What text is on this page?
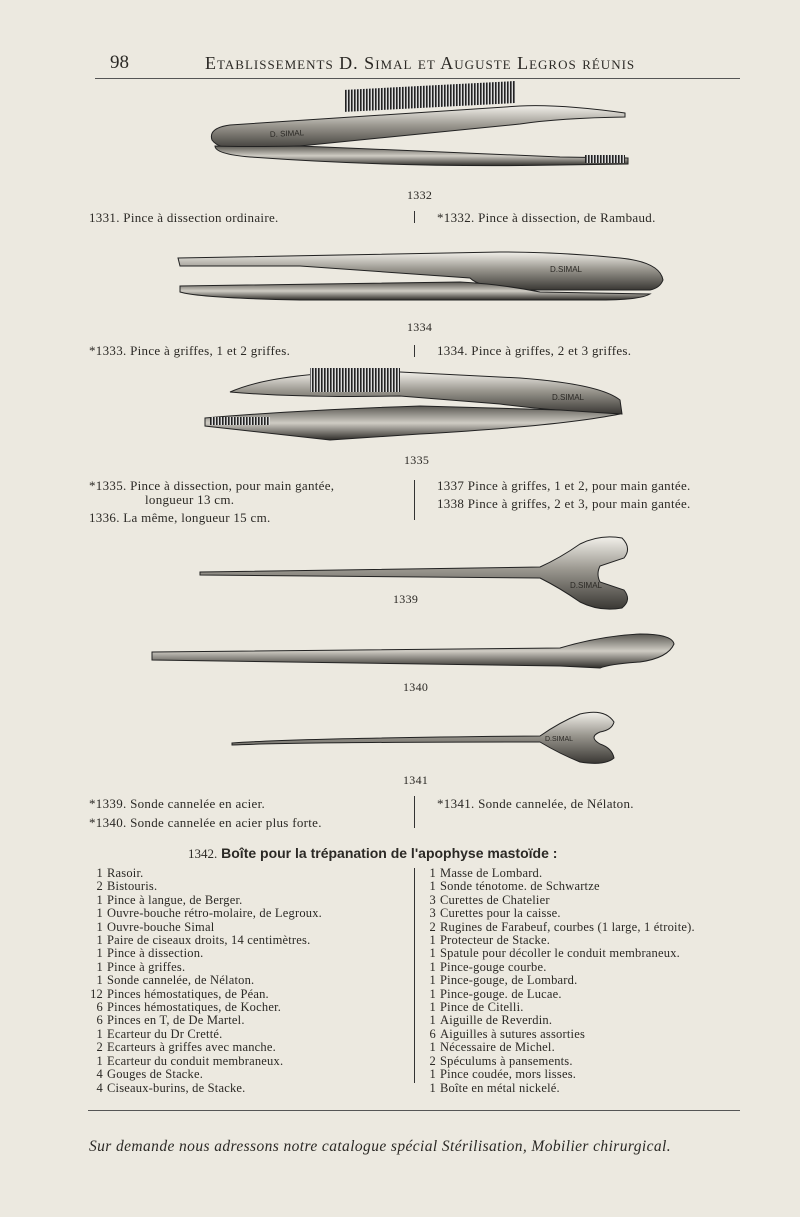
98	Etablissements D. Simal et Auguste Legros réunis
D. SIMAL
D.SIMAL
D.SIMAL
D.SIMAL
D.SIMAL
1332
1331. Pince à dissection ordinaire.	*1332. Pince à dissection, de Rambaud.
1334
*1333. Pince à griffes, 1 et 2 griffes.	1334. Pince à griffes, 2 et 3 griffes.
1335
*1335. Pince à dissection, pour main gantée,
longueur 13 cm.
1336. La même, longueur 15 cm.
1337 Pince à griffes, 1 et 2, pour main gantée.
1338 Pince à griffes, 2 et 3, pour main gantée.
1339
1340
1341
*1339. Sonde cannelée en acier.
*1340. Sonde cannelée en acier plus forte.
*1341. Sonde cannelée, de Nélaton.
1342. Boîte pour la trépanation de l'apophyse mastoïde :
1 Rasoir.
2 Bistouris.
1 Pince à langue, de Berger.
1 Ouvre-bouche rétro-molaire, de Legroux.
1 Ouvre-bouche Simal
1 Paire de ciseaux droits, 14 centimètres.
1 Pince à dissection.
1 Pince à griffes.
1 Sonde cannelée, de Nélaton.
12 Pinces hémostatiques, de Péan.
6 Pinces hémostatiques, de Kocher.
6 Pinces en T, de De Martel.
1 Ecarteur du Dr Cretté.
2 Ecarteurs à griffes avec manche.
1 Ecarteur du conduit membraneux.
4 Gouges de Stacke.
4 Ciseaux-burins, de Stacke.
1 Masse de Lombard.
1 Sonde ténotome. de Schwartze
3 Curettes de Chatelier
3 Curettes pour la caisse.
2 Rugines de Farabeuf, courbes (1 large, 1 étroite).
1 Protecteur de Stacke.
1 Spatule pour décoller le conduit membraneux.
1 Pince-gouge courbe.
1 Pince-gouge, de Lombard.
1 Pince-gouge. de Lucae.
1 Pince de Citelli.
1 Aiguille de Reverdin.
6 Aiguilles à sutures assorties
1 Nécessaire de Michel.
2 Spéculums à pansements.
1 Pince coudée, mors lisses.
1 Boîte en métal nickelé.
Sur demande nous adressons notre catalogue spécial Stérilisation, Mobilier chirurgical.
